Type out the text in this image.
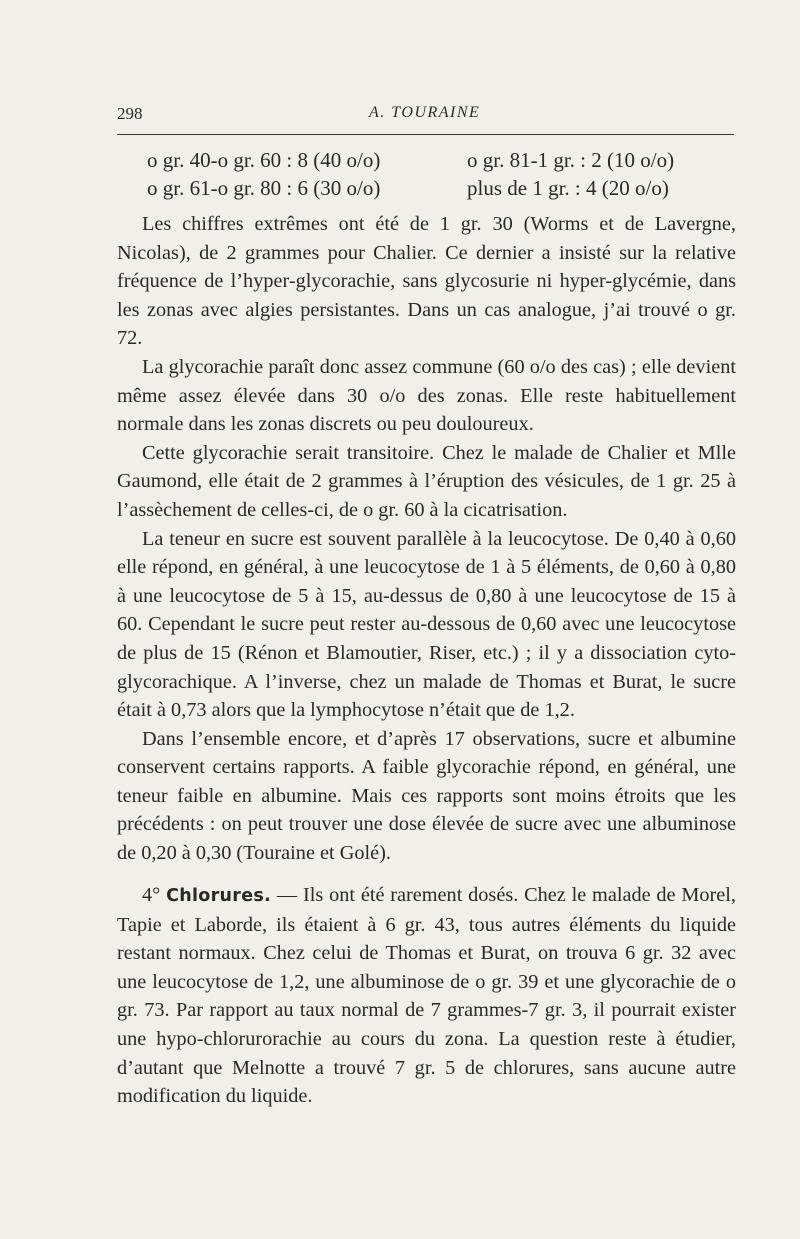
298	A. TOURAINE
o gr. 40-o gr. 60 : 8 (40 o/o)	o gr. 81-1 gr. : 2 (10 o/o)
o gr. 61-o gr. 80 : 6 (30 o/o)	plus de 1 gr. : 4 (20 o/o)

Les chiffres extrêmes ont été de 1 gr. 30 (Worms et de Lavergne, Nicolas), de 2 grammes pour Chalier. Ce dernier a insisté sur la relative fréquence de l’hyper-glycorachie, sans glycosurie ni hyper-glycémie, dans les zonas avec algies persistantes. Dans un cas analogue, j’ai trouvé o gr. 72.

La glycorachie paraît donc assez commune (60 o/o des cas) ; elle devient même assez élevée dans 30 o/o des zonas. Elle reste habituellement normale dans les zonas discrets ou peu douloureux.

Cette glycorachie serait transitoire. Chez le malade de Chalier et Mlle Gaumond, elle était de 2 grammes à l’éruption des vésicules, de 1 gr. 25 à l’assèchement de celles-ci, de o gr. 60 à la cicatrisation.

La teneur en sucre est souvent parallèle à la leucocytose. De 0,40 à 0,60 elle répond, en général, à une leucocytose de 1 à 5 éléments, de 0,60 à 0,80 à une leucocytose de 5 à 15, au-dessus de 0,80 à une leucocytose de 15 à 60. Cependant le sucre peut rester au-dessous de 0,60 avec une leucocytose de plus de 15 (Rénon et Blamoutier, Riser, etc.) ; il y a dissociation cyto-glycorachique. A l’inverse, chez un malade de Thomas et Burat, le sucre était à 0,73 alors que la lymphocytose n’était que de 1,2.

Dans l’ensemble encore, et d’après 17 observations, sucre et albumine conservent certains rapports. A faible glycorachie répond, en général, une teneur faible en albumine. Mais ces rapports sont moins étroits que les précédents : on peut trouver une dose élevée de sucre avec une albuminose de 0,20 à 0,30 (Touraine et Golé).

4° Chlorures. — Ils ont été rarement dosés. Chez le malade de Morel, Tapie et Laborde, ils étaient à 6 gr. 43, tous autres éléments du liquide restant normaux. Chez celui de Thomas et Burat, on trouva 6 gr. 32 avec une leucocytose de 1,2, une albuminose de o gr. 39 et une glycorachie de o gr. 73. Par rapport au taux normal de 7 grammes-7 gr. 3, il pourrait exister une hypo-chlorurorachie au cours du zona. La question reste à étudier, d’autant que Melnotte a trouvé 7 gr. 5 de chlorures, sans aucune autre modification du liquide.
